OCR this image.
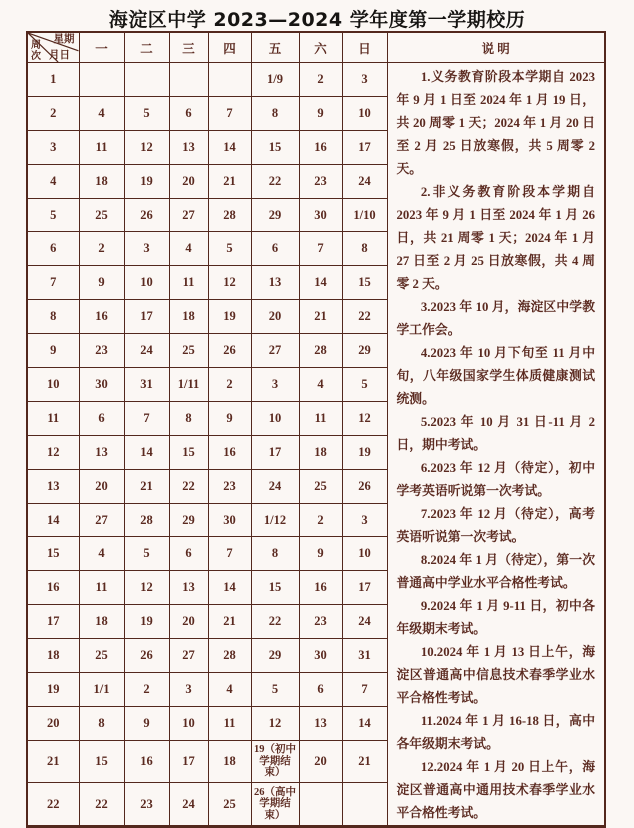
海淀区中学 2023—2024 学年度第一学期校历
星期
月日
周次	一	二	三	四	五	六	日	说 明
1					1/9	2	3	1.义务教育阶段本学期自 2023 年 9 月 1 日至 2024 年 1 月 19 日，共 20 周零 1 天；2024 年 1 月 20 日至 2 月 25 日放寒假，共 5 周零 2 天。

2.非义务教育阶段本学期自 2023 年 9 月 1 日至 2024 年 1 月 26 日，共 21 周零 1 天；2024 年 1 月 27 日至 2 月 25 日放寒假，共 4 周零 2 天。

3.2023 年 10 月，海淀区中学教学工作会。

4.2023 年 10 月下旬至 11 月中旬，八年级国家学生体质健康测试统测。

5.2023 年 10 月 31 日-11 月 2 日，期中考试。

6.2023 年 12 月（待定），初中学考英语听说第一次考试。

7.2023 年 12 月（待定），高考英语听说第一次考试。

8.2024 年 1 月（待定），第一次普通高中学业水平合格性考试。

9.2024 年 1 月 9-11 日，初中各年级期末考试。

10.2024 年 1 月 13 日上午，海淀区普通高中信息技术春季学业水平合格性考试。

11.2024 年 1 月 16-18 日，高中各年级期末考试。

12.2024 年 1 月 20 日上午，海淀区普通高中通用技术春季学业水平合格性考试。

2	4	5	6	7	8	9	10	
3	11	12	13	14	15	16	17	
4	18	19	20	21	22	23	24	
5	25	26	27	28	29	30	1/10	
6	2	3	4	5	6	7	8	
7	9	10	11	12	13	14	15	
8	16	17	18	19	20	21	22	
9	23	24	25	26	27	28	29	
10	30	31	1/11	2	3	4	5	
11	6	7	8	9	10	11	12	
12	13	14	15	16	17	18	19	
13	20	21	22	23	24	25	26	
14	27	28	29	30	1/12	2	3	
15	4	5	6	7	8	9	10	
16	11	12	13	14	15	16	17	
17	18	19	20	21	22	23	24	
18	25	26	27	28	29	30	31	
19	1/1	2	3	4	5	6	7	
20	8	9	10	11	12	13	14	
21	15	16	17	18	19（初中学期结束）	20	21	
22	22	23	24	25	26（高中学期结束）			
